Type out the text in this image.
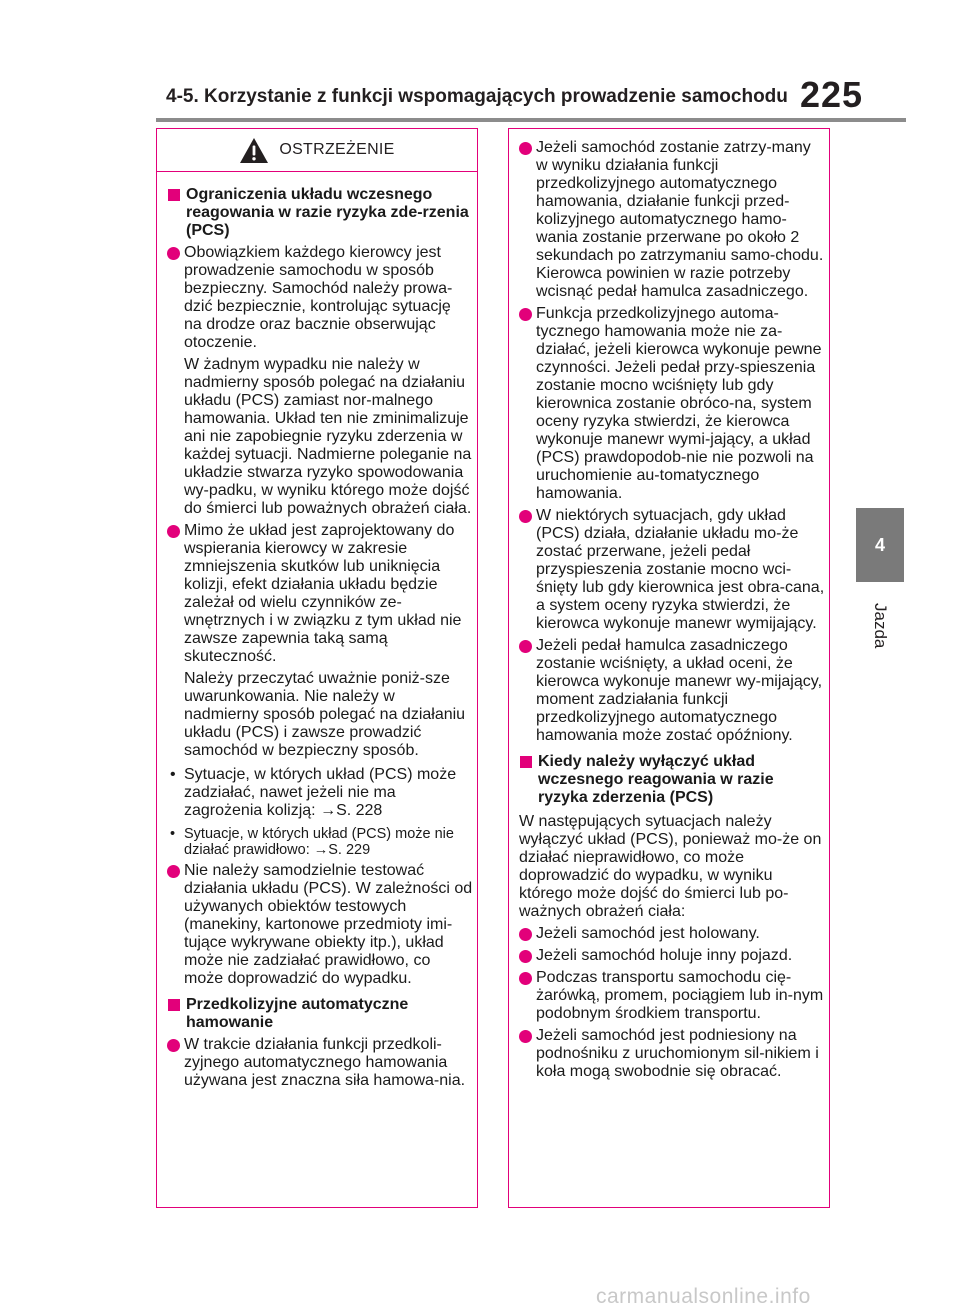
4-5. Korzystanie z funkcji wspomagających prowadzenie samochodu 225
4
Jazda
OSTRZEŻENIE
Ograniczenia układu wczesnego reagowania w razie ryzyka zde-rzenia (PCS)
Obowiązkiem każdego kierowcy jest prowadzenie samochodu w sposób bezpieczny. Samochód należy prowa-dzić bezpiecznie, kontrolując sytuację na drodze oraz bacznie obserwując otoczenie.
W żadnym wypadku nie należy w nadmierny sposób polegać na działaniu układu (PCS) zamiast nor-malnego hamowania. Układ ten nie zminimalizuje ani nie zapobiegnie ryzyku zderzenia w każdej sytuacji. Nadmierne poleganie na układzie stwarza ryzyko spowodowania wy-padku, w wyniku którego może dojść do śmierci lub poważnych obrażeń ciała.
Mimo że układ jest zaprojektowany do wspierania kierowcy w zakresie zmniejszenia skutków lub uniknięcia kolizji, efekt działania układu będzie zależał od wielu czynników ze-wnętrznych i w związku z tym układ nie zawsze zapewnia taką samą skuteczność.
Należy przeczytać uważnie poniż-sze uwarunkowania. Nie należy w nadmierny sposób polegać na działaniu układu (PCS) i zawsze prowadzić samochód w bezpieczny sposób.
• Sytuacje, w których układ (PCS) może zadziałać, nawet jeżeli nie ma zagrożenia kolizją: →S. 228
• Sytuacje, w których układ (PCS) może nie działać prawidłowo: →S. 229
Nie należy samodzielnie testować działania układu (PCS). W zależności od używanych obiektów testowych (manekiny, kartonowe przedmioty imi-tujące wykrywane obiekty itp.), układ może nie zadziałać prawidłowo, co może doprowadzić do wypadku.
Przedkolizyjne automatyczne hamowanie
W trakcie działania funkcji przedkoli-zyjnego automatycznego hamowania używana jest znaczna siła hamowa-nia.
Jeżeli samochód zostanie zatrzy-many w wyniku działania funkcji przedkolizyjnego automatycznego hamowania, działanie funkcji przed-kolizyjnego automatycznego hamo-wania zostanie przerwane po około 2 sekundach po zatrzymaniu samo-chodu. Kierowca powinien w razie potrzeby wcisnąć pedał hamulca zasadniczego.
Funkcja przedkolizyjnego automa-tycznego hamowania może nie za-działać, jeżeli kierowca wykonuje pewne czynności. Jeżeli pedał przy-spieszenia zostanie mocno wciśnięty lub gdy kierownica zostanie obróco-na, system oceny ryzyka stwierdzi, że kierowca wykonuje manewr wymi-jający, a układ (PCS) prawdopodob-nie nie pozwoli na uruchomienie au-tomatycznego hamowania.
W niektórych sytuacjach, gdy układ (PCS) działa, działanie układu mo-że zostać przerwane, jeżeli pedał przyspieszenia zostanie mocno wci-śnięty lub gdy kierownica jest obra-cana, a system oceny ryzyka stwierdzi, że kierowca wykonuje manewr wymijający.
Jeżeli pedał hamulca zasadniczego zostanie wciśnięty, a układ oceni, że kierowca wykonuje manewr wy-mijający, moment zadziałania funkcji przedkolizyjnego automatycznego hamowania może zostać opóźniony.
Kiedy należy wyłączyć układ wczesnego reagowania w razie ryzyka zderzenia (PCS)
W następujących sytuacjach należy wyłączyć układ (PCS), ponieważ mo-że on działać nieprawidłowo, co może doprowadzić do wypadku, w wyniku którego może dojść do śmierci lub po-ważnych obrażeń ciała:
Jeżeli samochód jest holowany.
Jeżeli samochód holuje inny pojazd.
Podczas transportu samochodu cię-żarówką, promem, pociągiem lub in-nym podobnym środkiem transportu.
Jeżeli samochód jest podniesiony na podnośniku z uruchomionym sil-nikiem i koła mogą swobodnie się obracać.
carmanualsonline.info
